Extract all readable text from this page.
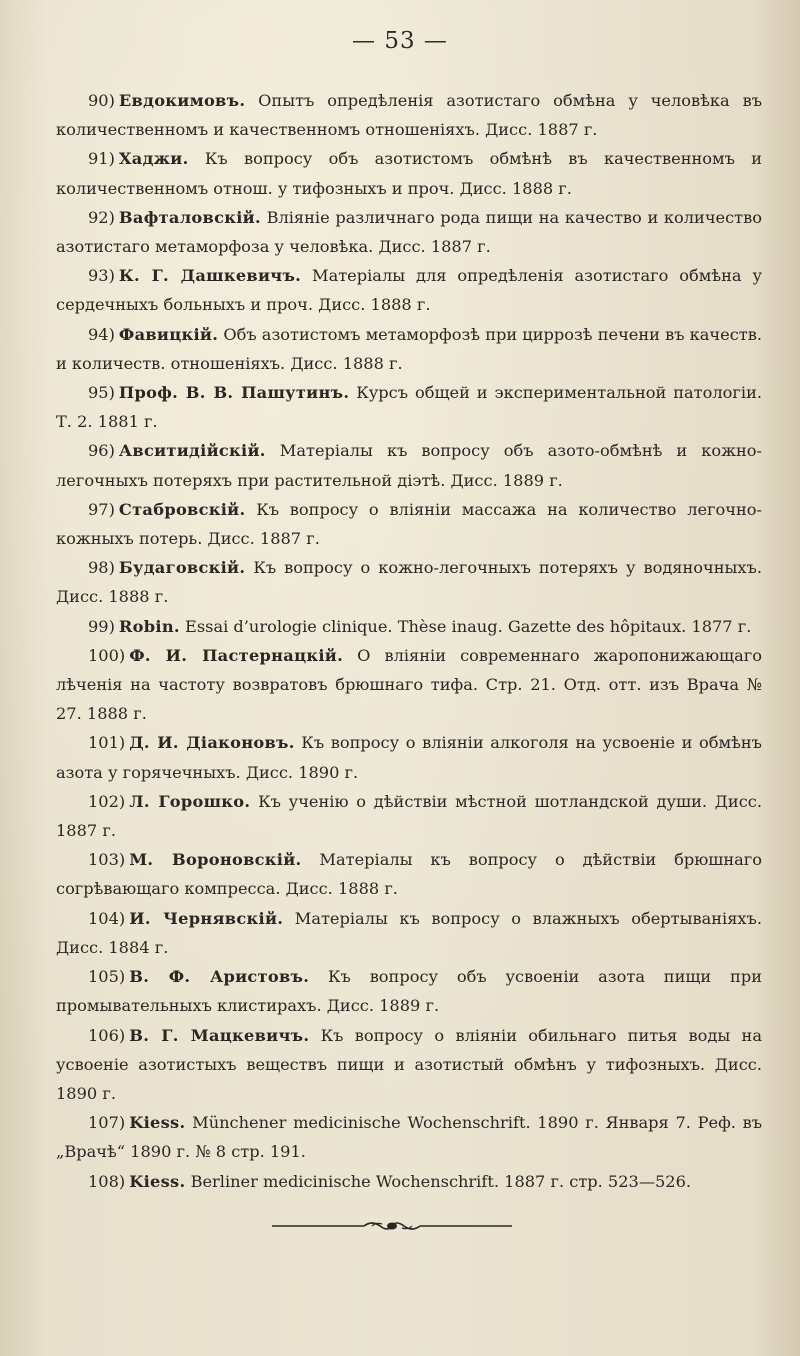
— 53 —

90) Евдокимовъ. Опытъ опредѣленія азотистаго обмѣна у человѣка въ количественномъ и качественномъ отношеніяхъ. Дисс. 1887 г.

91) Хаджи. Къ вопросу объ азотистомъ обмѣнѣ въ качественномъ и количественномъ отнош. у тифозныхъ и проч. Дисс. 1888 г.

92) Вафталовскій. Вліяніе различнаго рода пищи на качество и количество азотистаго метаморфоза у человѣка. Дисс. 1887 г.

93) К. Г. Дашкевичъ. Матеріалы для опредѣленія азотистаго обмѣна у сердечныхъ больныхъ и проч. Дисс. 1888 г.

94) Фавицкій. Объ азотистомъ метаморфозѣ при циррозѣ печени въ качеств. и количеств. отношеніяхъ. Дисс. 1888 г.

95) Проф. В. В. Пашутинъ. Курсъ общей и экспериментальной патологіи. Т. 2. 1881 г.

96) Авситидійскій. Матеріалы къ вопросу объ азото-обмѣнѣ и кожно-легочныхъ потеряхъ при растительной діэтѣ. Дисс. 1889 г.

97) Стабровскій. Къ вопросу о вліяніи массажа на количество легочно-кожныхъ потерь. Дисс. 1887 г.

98) Будаговскій. Къ вопросу о кожно-легочныхъ потеряхъ у водяночныхъ. Дисс. 1888 г.

99) Robin. Essai d’urologie clinique. Thèse inaug. Gazette des hôpitaux. 1877 г.

100) Ф. И. Пастернацкій. О вліяніи современнаго жаропонижающаго лѣченія на частоту возвратовъ брюшнаго тифа. Стр. 21. Отд. отт. изъ Врача № 27. 1888 г.

101) Д. И. Діаконовъ. Къ вопросу о вліяніи алкоголя на усвоеніе и обмѣнъ азота у горячечныхъ. Дисс. 1890 г.

102) Л. Горошко. Къ ученію о дѣйствіи мѣстной шотландской души. Дисс. 1887 г.

103) М. Вороновскій. Матеріалы къ вопросу о дѣйствіи брюшнаго согрѣвающаго компресса. Дисс. 1888 г.

104) И. Чернявскій. Матеріалы къ вопросу о влажныхъ обертываніяхъ. Дисс. 1884 г.

105) В. Ф. Аристовъ. Къ вопросу объ усвоеніи азота пищи при промывательныхъ клистирахъ. Дисс. 1889 г.

106) В. Г. Мацкевичъ. Къ вопросу о вліяніи обильнаго питья воды на усвоеніе азотистыхъ веществъ пищи и азотистый обмѣнъ у тифозныхъ. Дисс. 1890 г.

107) Kiess. Münchener medicinische Wochenschrift. 1890 г. Января 7. Реф. въ „Врачѣ“ 1890 г. № 8 стр. 191.

108) Kiess. Berliner medicinische Wochenschrift. 1887 г. стр. 523—526.
